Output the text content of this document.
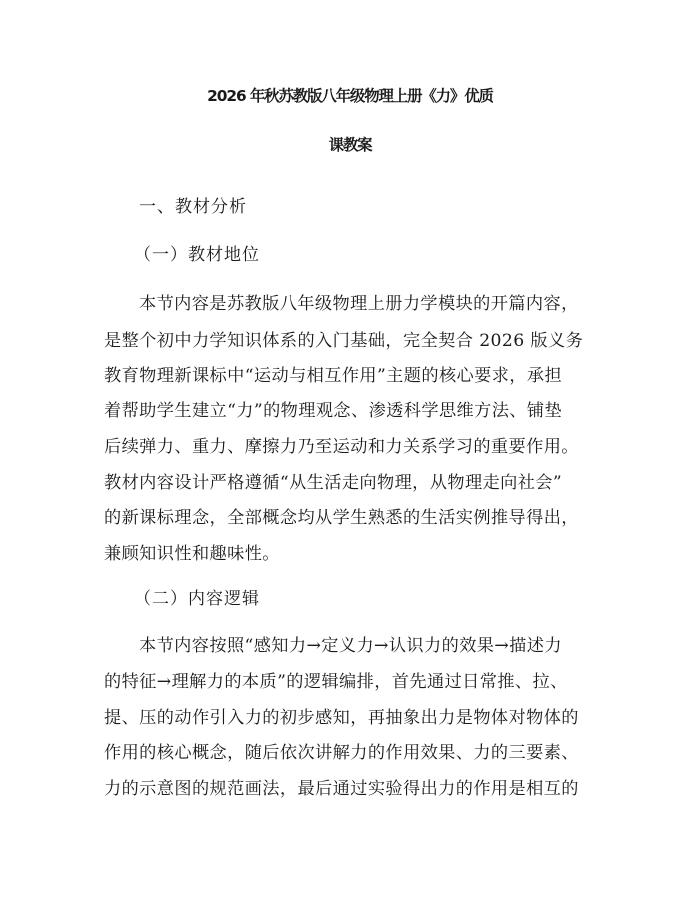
2026 年秋苏教版八年级物理上册《力》优质
课教案
一、教材分析
（一）教材地位
本节内容是苏教版八年级物理上册力学模块的开篇内容，
是整个初中力学知识体系的入门基础，完全契合 2026 版义务
教育物理新课标中“运动与相互作用”主题的核心要求，承担
着帮助学生建立“力”的物理观念、渗透科学思维方法、铺垫
后续弹力、重力、摩擦力乃至运动和力关系学习的重要作用。
教材内容设计严格遵循“从生活走向物理，从物理走向社会”
的新课标理念，全部概念均从学生熟悉的生活实例推导得出，
兼顾知识性和趣味性。
（二）内容逻辑
本节内容按照“感知力→定义力→认识力的效果→描述力
的特征→理解力的本质”的逻辑编排，首先通过日常推、拉、
提、压的动作引入力的初步感知，再抽象出力是物体对物体的
作用的核心概念，随后依次讲解力的作用效果、力的三要素、
力的示意图的规范画法，最后通过实验得出力的作用是相互的
